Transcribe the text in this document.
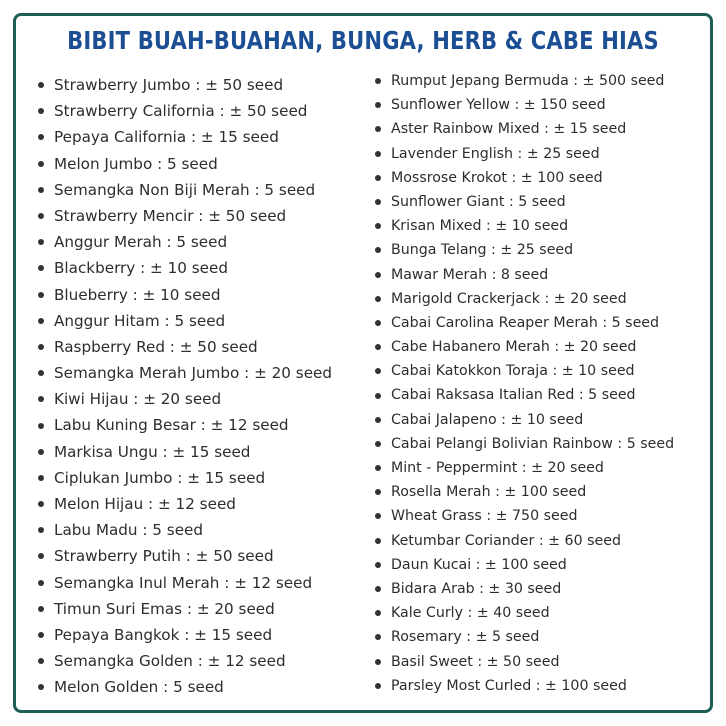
BIBIT BUAH-BUAHAN, BUNGA, HERB & CABE HIAS
Strawberry Jumbo : ± 50 seed
Strawberry California : ± 50 seed
Pepaya California : ± 15 seed
Melon Jumbo : 5 seed
Semangka Non Biji Merah : 5 seed
Strawberry Mencir : ± 50 seed
Anggur Merah : 5 seed
Blackberry : ± 10 seed
Blueberry : ± 10 seed
Anggur Hitam : 5 seed
Raspberry Red : ± 50 seed
Semangka Merah Jumbo : ± 20 seed
Kiwi Hijau : ± 20 seed
Labu Kuning Besar : ± 12 seed
Markisa Ungu : ± 15 seed
Ciplukan Jumbo : ± 15 seed
Melon Hijau : ± 12 seed
Labu Madu : 5 seed
Strawberry Putih : ± 50 seed
Semangka Inul Merah : ± 12 seed
Timun Suri Emas : ± 20 seed
Pepaya Bangkok : ± 15 seed
Semangka Golden : ± 12 seed
Melon Golden : 5 seed
Rumput Jepang Bermuda : ± 500 seed
Sunflower Yellow : ± 150 seed
Aster Rainbow Mixed : ± 15 seed
Lavender English : ± 25 seed
Mossrose Krokot : ± 100 seed
Sunflower Giant : 5 seed
Krisan Mixed : ± 10 seed
Bunga Telang : ± 25 seed
Mawar Merah : 8 seed
Marigold Crackerjack : ± 20 seed
Cabai Carolina Reaper Merah : 5 seed
Cabe Habanero Merah : ± 20 seed
Cabai Katokkon Toraja : ± 10 seed
Cabai Raksasa Italian Red : 5 seed
Cabai Jalapeno : ± 10 seed
Cabai Pelangi Bolivian Rainbow : 5 seed
Mint - Peppermint : ± 20 seed
Rosella Merah : ± 100 seed
Wheat Grass : ± 750 seed
Ketumbar Coriander : ± 60 seed
Daun Kucai : ± 100 seed
Bidara Arab : ± 30 seed
Kale Curly : ± 40 seed
Rosemary : ± 5 seed
Basil Sweet : ± 50 seed
Parsley Most Curled : ± 100 seed
